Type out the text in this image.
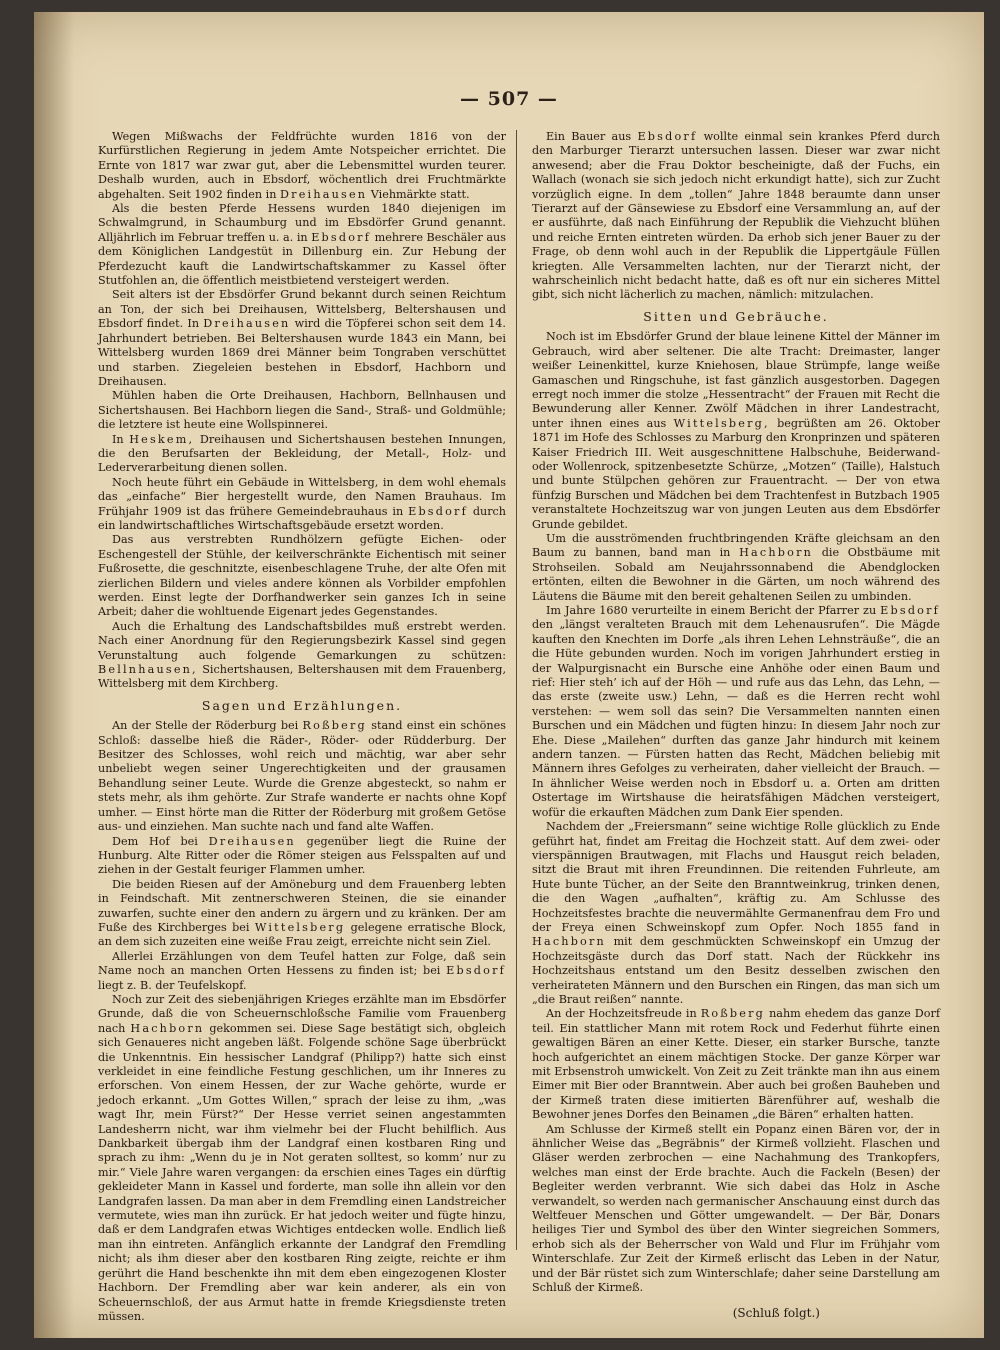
— 507 —

Wegen Mißwachs der Feldfrüchte wurden 1816 von der Kurfürstlichen Regierung in jedem Amte Notspeicher errichtet. Die Ernte von 1817 war zwar gut, aber die Lebensmittel wurden teurer. Deshalb wurden, auch in Ebsdorf, wöchentlich drei Fruchtmärkte abgehalten. Seit 1902 finden in Dreihausen Viehmärkte statt.

Als die besten Pferde Hessens wurden 1840 diejenigen im Schwalmgrund, in Schaumburg und im Ebsdörfer Grund genannt. Alljährlich im Februar treffen u. a. in Ebsdorf mehrere Beschäler aus dem Königlichen Landgestüt in Dillenburg ein. Zur Hebung der Pferdezucht kauft die Landwirtschaftskammer zu Kassel öfter Stutfohlen an, die öffentlich meistbietend versteigert werden.

Seit alters ist der Ebsdörfer Grund bekannt durch seinen Reichtum an Ton, der sich bei Dreihausen, Wittelsberg, Beltershausen und Ebsdorf findet. In Dreihausen wird die Töpferei schon seit dem 14. Jahrhundert betrieben. Bei Beltershausen wurde 1843 ein Mann, bei Wittelsberg wurden 1869 drei Männer beim Tongraben verschüttet und starben. Ziegeleien bestehen in Ebsdorf, Hachborn und Dreihausen.

Mühlen haben die Orte Dreihausen, Hachborn, Bellnhausen und Sichertshausen. Bei Hachborn liegen die Sand-, Straß- und Goldmühle; die letztere ist heute eine Wollspinnerei.

In Heskem, Dreihausen und Sichertshausen bestehen Innungen, die den Berufsarten der Bekleidung, der Metall-, Holz- und Lederverarbeitung dienen sollen.

Noch heute führt ein Gebäude in Wittelsberg, in dem wohl ehemals das „einfache“ Bier hergestellt wurde, den Namen Brauhaus. Im Frühjahr 1909 ist das frühere Gemeindebrauhaus in Ebsdorf durch ein landwirtschaftliches Wirtschaftsgebäude ersetzt worden.

Das aus verstrebten Rundhölzern gefügte Eichen- oder Eschengestell der Stühle, der keilverschränkte Eichentisch mit seiner Fußrosette, die geschnitzte, eisenbeschlagene Truhe, der alte Ofen mit zierlichen Bildern und vieles andere können als Vorbilder empfohlen werden. Einst legte der Dorfhandwerker sein ganzes Ich in seine Arbeit; daher die wohltuende Eigenart jedes Gegenstandes.

Auch die Erhaltung des Landschaftsbildes muß erstrebt werden. Nach einer Anordnung für den Regierungsbezirk Kassel sind gegen Verunstaltung auch folgende Gemarkungen zu schützen: Bellnhausen, Sichertshausen, Beltershausen mit dem Frauenberg, Wittelsberg mit dem Kirchberg.

Sagen und Erzählungen.

An der Stelle der Röderburg bei Roßberg stand einst ein schönes Schloß: dasselbe hieß die Räder-, Röder- oder Rüdderburg. Der Besitzer des Schlosses, wohl reich und mächtig, war aber sehr unbeliebt wegen seiner Ungerechtigkeiten und der grausamen Behandlung seiner Leute. Wurde die Grenze abgesteckt, so nahm er stets mehr, als ihm gehörte. Zur Strafe wanderte er nachts ohne Kopf umher. — Einst hörte man die Ritter der Röderburg mit großem Getöse aus- und einziehen. Man suchte nach und fand alte Waffen.

Dem Hof bei Dreihausen gegenüber liegt die Ruine der Hunburg. Alte Ritter oder die Römer steigen aus Felsspalten auf und ziehen in der Gestalt feuriger Flammen umher.

Die beiden Riesen auf der Amöneburg und dem Frauenberg lebten in Feindschaft. Mit zentnerschweren Steinen, die sie einander zuwarfen, suchte einer den andern zu ärgern und zu kränken. Der am Fuße des Kirchberges bei Wittelsberg gelegene erratische Block, an dem sich zuzeiten eine weiße Frau zeigt, erreichte nicht sein Ziel.

Allerlei Erzählungen von dem Teufel hatten zur Folge, daß sein Name noch an manchen Orten Hessens zu finden ist; bei Ebsdorf liegt z. B. der Teufelskopf.

Noch zur Zeit des siebenjährigen Krieges erzählte man im Ebsdörfer Grunde, daß die von Scheuernschloßsche Familie vom Frauenberg nach Hachborn gekommen sei. Diese Sage bestätigt sich, obgleich sich Genaueres nicht angeben läßt. Folgende schöne Sage überbrückt die Unkenntnis. Ein hessischer Landgraf (Philipp?) hatte sich einst verkleidet in eine feindliche Festung geschlichen, um ihr Inneres zu erforschen. Von einem Hessen, der zur Wache gehörte, wurde er jedoch erkannt. „Um Gottes Willen,“ sprach der leise zu ihm, „was wagt Ihr, mein Fürst?“ Der Hesse verriet seinen angestammten Landesherrn nicht, war ihm vielmehr bei der Flucht behilflich. Aus Dankbarkeit übergab ihm der Landgraf einen kostbaren Ring und sprach zu ihm: „Wenn du je in Not geraten solltest, so komm’ nur zu mir.“ Viele Jahre waren vergangen: da erschien eines Tages ein dürftig gekleideter Mann in Kassel und forderte, man solle ihn allein vor den Landgrafen lassen. Da man aber in dem Fremdling einen Landstreicher vermutete, wies man ihn zurück. Er hat jedoch weiter und fügte hinzu, daß er dem Landgrafen etwas Wichtiges entdecken wolle. Endlich ließ man ihn eintreten. Anfänglich erkannte der Landgraf den Fremdling nicht; als ihm dieser aber den kostbaren Ring zeigte, reichte er ihm gerührt die Hand beschenkte ihn mit dem eben eingezogenen Kloster Hachborn. Der Fremdling aber war kein anderer, als ein von Scheuernschloß, der aus Armut hatte in fremde Kriegsdienste treten müssen.

Ein Bauer aus Ebsdorf wollte einmal sein krankes Pferd durch den Marburger Tierarzt untersuchen lassen. Dieser war zwar nicht anwesend; aber die Frau Doktor bescheinigte, daß der Fuchs, ein Wallach (wonach sie sich jedoch nicht erkundigt hatte), sich zur Zucht vorzüglich eigne. In dem „tollen“ Jahre 1848 beraumte dann unser Tierarzt auf der Gänsewiese zu Ebsdorf eine Versammlung an, auf der er ausführte, daß nach Einführung der Republik die Viehzucht blühen und reiche Ernten eintreten würden. Da erhob sich jener Bauer zu der Frage, ob denn wohl auch in der Republik die Lippertgäule Füllen kriegten. Alle Versammelten lachten, nur der Tierarzt nicht, der wahrscheinlich nicht bedacht hatte, daß es oft nur ein sicheres Mittel gibt, sich nicht lächerlich zu machen, nämlich: mitzulachen.

Sitten und Gebräuche.

Noch ist im Ebsdörfer Grund der blaue leinene Kittel der Männer im Gebrauch, wird aber seltener. Die alte Tracht: Dreimaster, langer weißer Leinenkittel, kurze Kniehosen, blaue Strümpfe, lange weiße Gamaschen und Ringschuhe, ist fast gänzlich ausgestorben. Dagegen erregt noch immer die stolze „Hessentracht“ der Frauen mit Recht die Bewunderung aller Kenner. Zwölf Mädchen in ihrer Landestracht, unter ihnen eines aus Wittelsberg, begrüßten am 26. Oktober 1871 im Hofe des Schlosses zu Marburg den Kronprinzen und späteren Kaiser Friedrich III. Weit ausgeschnittene Halbschuhe, Beiderwand- oder Wollenrock, spitzenbesetzte Schürze, „Motzen“ (Taille), Halstuch und bunte Stülpchen gehören zur Frauentracht. — Der von etwa fünfzig Burschen und Mädchen bei dem Trachtenfest in Butzbach 1905 veranstaltete Hochzeitszug war von jungen Leuten aus dem Ebsdörfer Grunde gebildet.

Um die ausströmenden fruchtbringenden Kräfte gleichsam an den Baum zu bannen, band man in Hachborn die Obstbäume mit Strohseilen. Sobald am Neujahrssonnabend die Abendglocken ertönten, eilten die Bewohner in die Gärten, um noch während des Läutens die Bäume mit den bereit gehaltenen Seilen zu umbinden.

Im Jahre 1680 verurteilte in einem Bericht der Pfarrer zu Ebsdorf den „längst veralteten Brauch mit dem Lehenausrufen“. Die Mägde kauften den Knechten im Dorfe „als ihren Lehen Lehnsträuße“, die an die Hüte gebunden wurden. Noch im vorigen Jahrhundert erstieg in der Walpurgisnacht ein Bursche eine Anhöhe oder einen Baum und rief: Hier steh’ ich auf der Höh — und rufe aus das Lehn, das Lehn, — das erste (zweite usw.) Lehn, — daß es die Herren recht wohl verstehen: — wem soll das sein? Die Versammelten nannten einen Burschen und ein Mädchen und fügten hinzu: In diesem Jahr noch zur Ehe. Diese „Mailehen“ durften das ganze Jahr hindurch mit keinem andern tanzen. — Fürsten hatten das Recht, Mädchen beliebig mit Männern ihres Gefolges zu verheiraten, daher vielleicht der Brauch. — In ähnlicher Weise werden noch in Ebsdorf u. a. Orten am dritten Ostertage im Wirtshause die heiratsfähigen Mädchen versteigert, wofür die erkauften Mädchen zum Dank Eier spenden.

Nachdem der „Freiersmann“ seine wichtige Rolle glücklich zu Ende geführt hat, findet am Freitag die Hochzeit statt. Auf dem zwei- oder vierspännigen Brautwagen, mit Flachs und Hausgut reich beladen, sitzt die Braut mit ihren Freundinnen. Die reitenden Fuhrleute, am Hute bunte Tücher, an der Seite den Branntweinkrug, trinken denen, die den Wagen „aufhalten“, kräftig zu. Am Schlusse des Hochzeitsfestes brachte die neuvermählte Germanenfrau dem Fro und der Freya einen Schweinskopf zum Opfer. Noch 1855 fand in Hachborn mit dem geschmückten Schweinskopf ein Umzug der Hochzeitsgäste durch das Dorf statt. Nach der Rückkehr ins Hochzeitshaus entstand um den Besitz desselben zwischen den verheirateten Männern und den Burschen ein Ringen, das man sich um „die Braut reißen“ nannte.

An der Hochzeitsfreude in Roßberg nahm ehedem das ganze Dorf teil. Ein stattlicher Mann mit rotem Rock und Federhut führte einen gewaltigen Bären an einer Kette. Dieser, ein starker Bursche, tanzte hoch aufgerichtet an einem mächtigen Stocke. Der ganze Körper war mit Erbsenstroh umwickelt. Von Zeit zu Zeit tränkte man ihn aus einem Eimer mit Bier oder Branntwein. Aber auch bei großen Bauheben und der Kirmeß traten diese imitierten Bärenführer auf, weshalb die Bewohner jenes Dorfes den Beinamen „die Bären“ erhalten hatten.

Am Schlusse der Kirmeß stellt ein Popanz einen Bären vor, der in ähnlicher Weise das „Begräbnis“ der Kirmeß vollzieht. Flaschen und Gläser werden zerbrochen — eine Nachahmung des Trankopfers, welches man einst der Erde brachte. Auch die Fackeln (Besen) der Begleiter werden verbrannt. Wie sich dabei das Holz in Asche verwandelt, so werden nach germanischer Anschauung einst durch das Weltfeuer Menschen und Götter umgewandelt. — Der Bär, Donars heiliges Tier und Symbol des über den Winter siegreichen Sommers, erhob sich als der Beherrscher von Wald und Flur im Frühjahr vom Winterschlafe. Zur Zeit der Kirmeß erlischt das Leben in der Natur, und der Bär rüstet sich zum Winterschlafe; daher seine Darstellung am Schluß der Kirmeß.

(Schluß folgt.)
